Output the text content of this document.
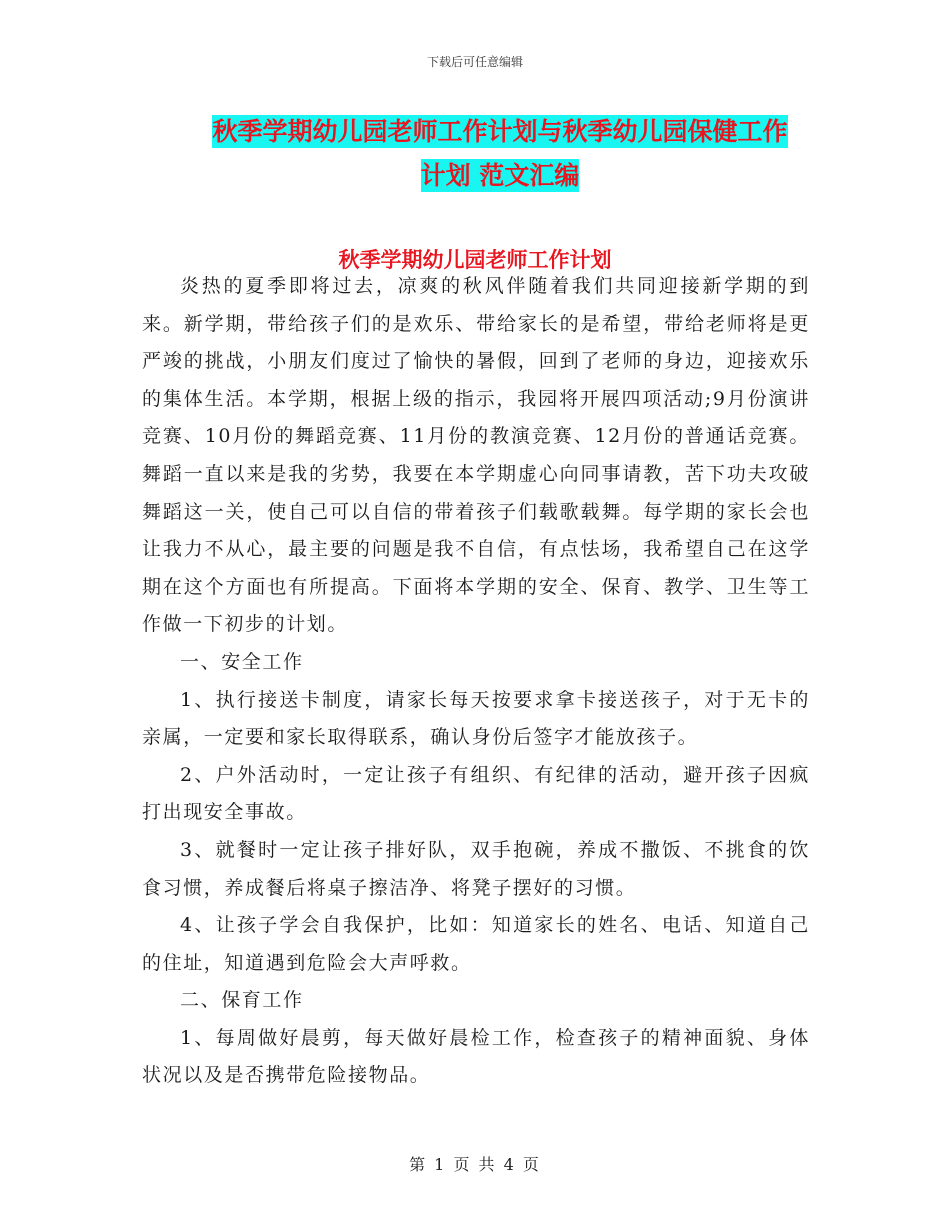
下载后可任意编辑
秋季学期幼儿园老师工作计划与秋季幼儿园保健工作
计划 范文汇编
秋季学期幼儿园老师工作计划

炎热的夏季即将过去，凉爽的秋风伴随着我们共同迎接新学期的到来。新学期，带给孩子们的是欢乐、带给家长的是希望，带给老师将是更严竣的挑战，小朋友们度过了愉快的暑假，回到了老师的身边，迎接欢乐的集体生活。本学期，根据上级的指示，我园将开展四项活动;9月份演讲竞赛、10月份的舞蹈竞赛、11月份的教演竞赛、12月份的普通话竞赛。舞蹈一直以来是我的劣势，我要在本学期虚心向同事请教，苦下功夫攻破舞蹈这一关，使自己可以自信的带着孩子们载歌载舞。每学期的家长会也让我力不从心，最主要的问题是我不自信，有点怯场，我希望自己在这学期在这个方面也有所提高。下面将本学期的安全、保育、教学、卫生等工作做一下初步的计划。

一、安全工作

1、执行接送卡制度，请家长每天按要求拿卡接送孩子，对于无卡的亲属，一定要和家长取得联系，确认身份后签字才能放孩子。

2、户外活动时，一定让孩子有组织、有纪律的活动，避开孩子因疯打出现安全事故。

3、就餐时一定让孩子排好队，双手抱碗，养成不撒饭、不挑食的饮食习惯，养成餐后将桌子擦洁净、将凳子摆好的习惯。

4、让孩子学会自我保护，比如：知道家长的姓名、电话、知道自己的住址，知道遇到危险会大声呼救。

二、保育工作

1、每周做好晨剪，每天做好晨检工作，检查孩子的精神面貌、身体状况以及是否携带危险接物品。

第 1 页 共 4 页
